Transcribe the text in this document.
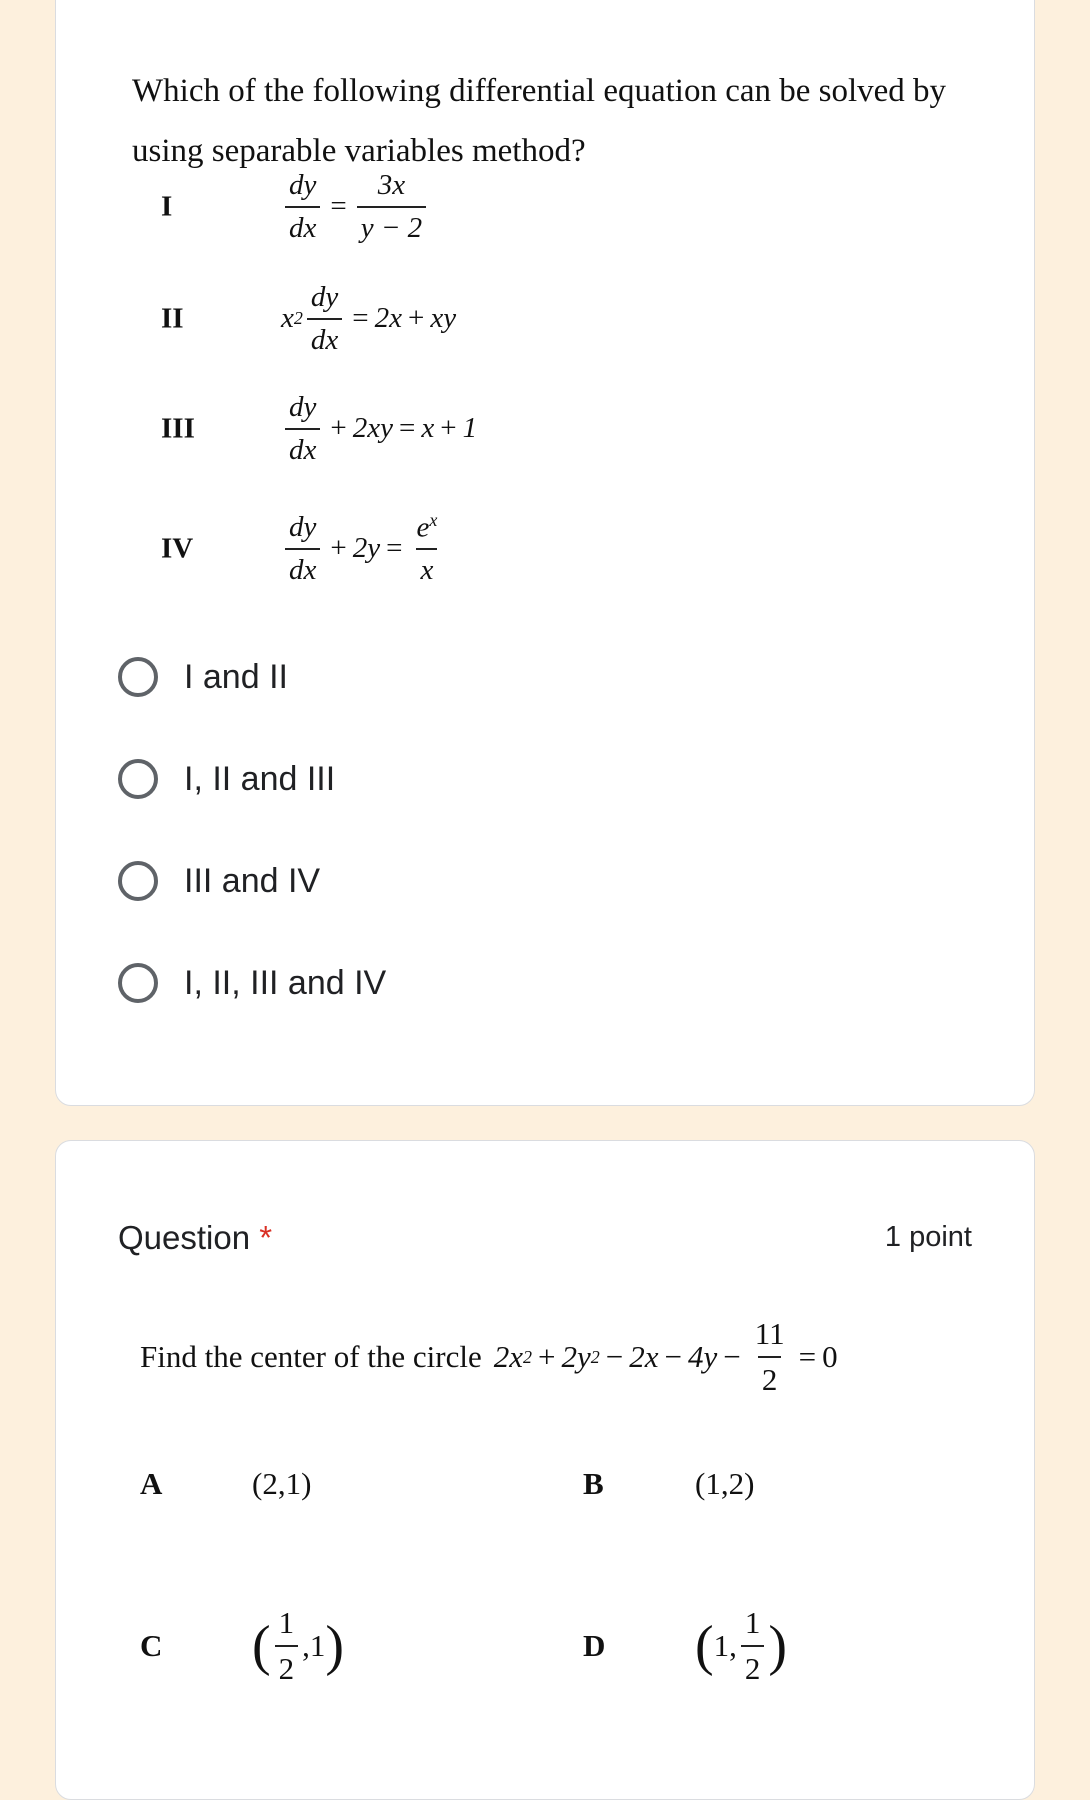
Which of the following differential equation can be solved by using separable variables method?
I	$\frac{dy}{dx} = \frac{3x}{y - 2}$
II	x $2 \frac{dy}{dx} = 2x$ + xy
III	$\frac{dy}{dx} + 2xy = x + 1$
IV	$\frac{dy}{dx} + 2y = \frac{e^x}{x}$
I and II
I, II and III
III and IV
I, II, III and IV
Question *	1 point
Find the center of the circle 2x 2 + 2y $2 - 2x - 4y - \frac{11}{2} = 0$
A	(2,1)	B	(1,2)
C	( $\frac{1}{2} ,1$ )	D	( 1, $\frac{1}{2}$ )
